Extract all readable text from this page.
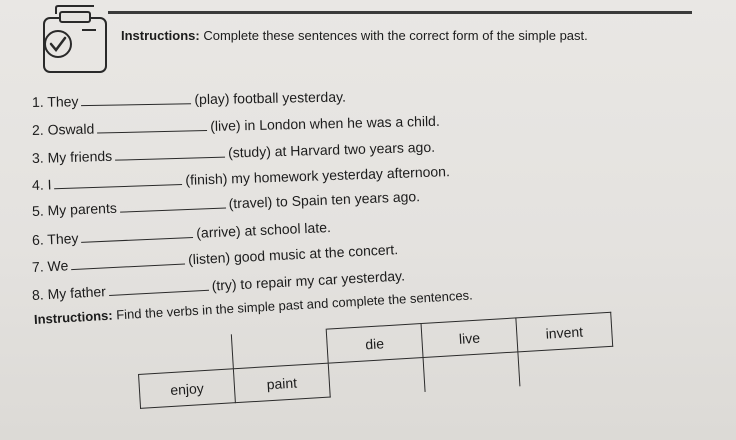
Instructions: Complete these sentences with the correct form of the simple past.
1. They	(play) football yesterday.
2. Oswald	(live) in London when he was a child.
3. My friends	(study) at Harvard two years ago.
4. I	(finish) my homework yesterday afternoon.
5. My parents	(travel) to Spain ten years ago.
6. They	(arrive) at school late.
7. We	(listen) good music at the concert.
8. My father	(try) to repair my car yesterday.
Instructions: Find the verbs in the simple past and complete the sentences.
		die	live	invent
enjoy	paint			
